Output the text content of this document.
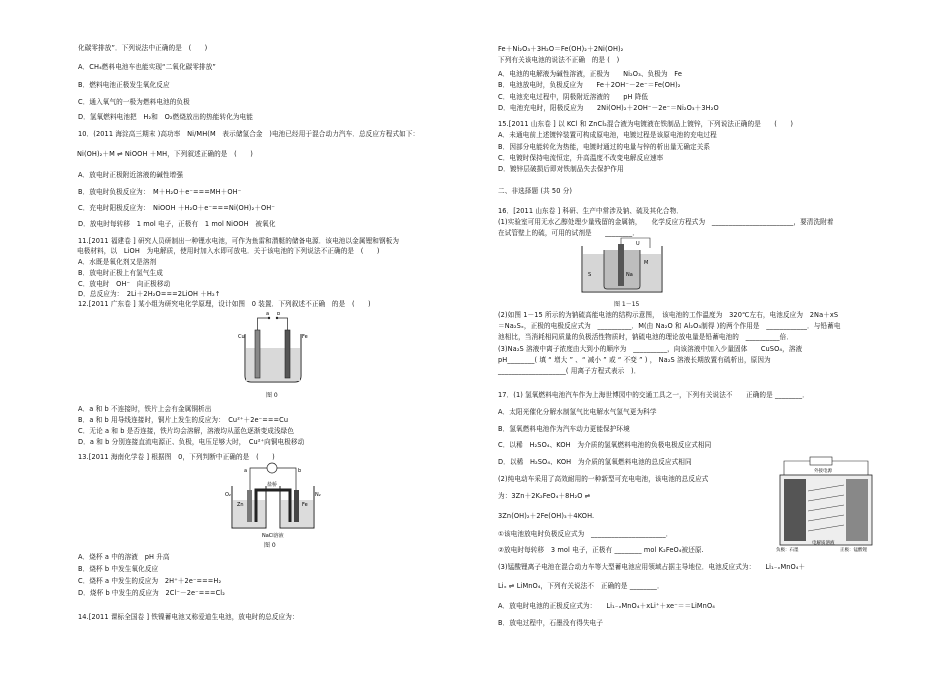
化碳零排放”．下列说法中正确的是　(　　)
A．CH₄燃料电池车也能实现“二氧化碳零排放”
B．燃料电池正极发生氧化反应
C．通入氧气的一极为燃料电池的负极
D．氢氧燃料电池把　H₂和　O₂燃烧放出的热能转化为电能
10．(2011 海淀高三期末 )高功率　Ni/MH(M　表示储氢合金　)电池已经用于混合动力汽车．总反应方程式如下：
Ni(OH)₂＋M ⇌ NiOOH ＋MH，下列叙述正确的是　(　　)
A．放电时正极附近溶液的碱性增强
B．放电时负极反应为：　M＋H₂O＋e⁻===MH＋OH⁻
C．充电时阳极反应为：　NiOOH ＋H₂O＋e⁻===Ni(OH)₂＋OH⁻
D．放电时每转移　1 mol 电子，正极有　1 mol NiOOH　被氧化
11.[2011 福建卷 ] 研究人员研制出一种锂水电池，可作为鱼雷和潜艇的储备电源．该电池以金属锂和钢板为
电极材料，以　LiOH　为电解质，使用时加入水即可放电．关于该电池的下列说法不正确的是　(　　)
A．水既是氧化剂又是溶剂
B．放电时正极上有氢气生成
C．放电时　OH⁻　向正极移动
D．总反应为：　2Li＋2H₂O===2LiOH ＋H₂↑
12.[2011 广东卷 ] 某小组为研究电化学原理，设计如图　0 装置．下列叙述不正确　的是　(　　)
A．a 和 b 不连接时，铁片上会有金属铜析出
B．a 和 b 用导线连接时，铜片上发生的反应为：　Cu²⁺＋2e⁻===Cu
C．无论 a 和 b 是否连接，铁片均会溶解，溶液均从蓝色逐渐变成浅绿色
D．a 和 b 分别连接直流电源正、负极，电压足够大时，　Cu²⁺向铜电极移动
13.[2011 海南化学卷 ] 根据图　0，下列判断中正确的是　(　　)
A．烧杯 a 中的溶液　pH 升高
B．烧杯 b 中发生氧化反应
C．烧杯 a 中发生的反应为　2H⁺＋2e⁻===H₂
D．烧杯 b 中发生的反应为　2Cl⁻－2e⁻===Cl₂
14.[2011 课标全国卷 ] 铁镍蓄电池又称爱迪生电池，放电时的总反应为：
a b
Cu	Fe
图 0
a	b
O₂	N₂
Zn	Fe
盐桥
NaCl溶液
图 0
Fe＋Ni₂O₃＋3H₂O＝Fe(OH)₂＋2Ni(OH)₂
下列有关该电池的说法不正确　的是 (　)
A．电池的电解液为碱性溶液，正极为　　Ni₂O₃、负极为　Fe
B．电池放电时，负极反应为　　Fe＋2OH⁻－2e⁻＝Fe(OH)₂
C．电池充电过程中，阴极附近溶液的　　pH 降低
D．电池充电时，阳极反应为　　2Ni(OH)₂＋2OH⁻－2e⁻＝Ni₂O₃＋3H₂O
15.[2011 山东卷 ] 以 KCl 和 ZnCl₂混合液为电镀液在铁制品上镀锌，下列说法正确的是　　(　　)
A．未通电前上述镀锌装置可构成原电池，电镀过程是该原电池的充电过程
B．因部分电能转化为热能，电镀时通过的电量与锌的析出量无确定关系
C．电镀时保持电流恒定，升高温度不改变电解反应速率
D．镀锌层破损后即对铁制品失去保护作用
二、非选择题 (共 50 分)
16．[2011 山东卷 ] 科研、生产中常涉及钠、硫及其化合物．
(1)实验室可用无水乙醇处理少量残留的金属钠，　　化学反应方程式为　________________________，要清洗附着
在试管壁上的硫，可用的试剂是　　________．
(2)如图 1－15 所示的为钠硫高能电池的结构示意图，　该电池的工作温度为　320℃左右，电池反应为　2Na＋xS
＝Na₂Sₓ，正极的电极反应式为　__________．M(由 Na₂O 和 Al₂O₃制得 )的两个作用是　____________．与铅蓄电
池相比，当消耗相同质量的负极活性物质时，钠硫电池的理论放电量是铅蓄电池的　__________倍．
(3)Na₂S 溶液中离子浓度由大到小的顺序为　__________，向该溶液中加入少量固体　　CuSO₄，溶液
pH________( 填 “ 增大 ” 、“ 减小 ” 或 “ 不变 ” ) ， Na₂S 溶液长期放置有硫析出，原因为
____________________( 用离子方程式表示　)．
17．(1) 氢氧燃料电池汽车作为上海世博园中的交通工具之一，下列有关说法不　　正确的是 ________．
A．太阳光催化分解水制氢气比电解水气氢气更为科学
B．氢氧燃料电池作为汽车动力更能保护环境
C．以稀　H₂SO₄、KOH　为介质的氢氧燃料电池的负极电极反应式相同
D．以稀　H₂SO₄、KOH　为介质的氢氧燃料电池的总反应式相同
(2)纯电动车采用了高效耐用的一种新型可充电电池，该电池的总反应式
为：3Zn＋2K₂FeO₄＋8H₂O ⇌
3Zn(OH)₂＋2Fe(OH)₃＋4KOH.
①该电池放电时负极反应式为　______________________．
②放电时每转移　3 mol 电子，正极有 ________ mol K₂FeO₄被还原.
(3)锰酸锂离子电池在混合动力车等大型蓄电池应用领域占据主导地位．电池反应式为：　　Li₁₋ₓMnO₄＋
Liₓ ⇌ LiMnO₄，下列有关说法不　正确的是 ________．
A．放电时电池的正极反应式为：　　Li₁₋ₓMnO₄＋xLi⁺＋xe⁻＝＝LiMnO₄
B．放电过程中，石墨没有得失电子
U
M
S	Na
图 1－15
外接电源
负极：石墨
电解质溶液
正极：锰酸锂
